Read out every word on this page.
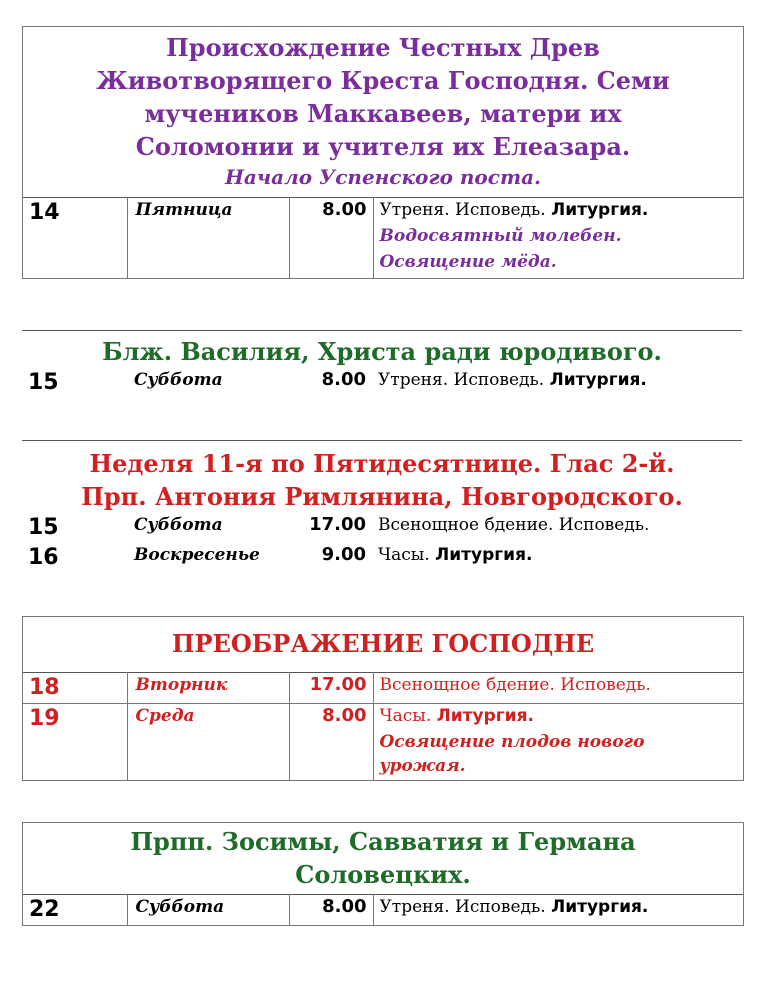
Происхождение Честных Древ
Животворящего Креста Господня. Семи
мучеников Маккавеев, матери их
Соломонии и учителя их Елеазара.
Начало Успенского поста.
14	Пятница	8.00	Утреня. Исповедь. Литургия.
Водосвятный молебен.
Освящение мёда.
Блж. Василия, Христа ради юродивого.
15	Суббота	8.00	Утреня. Исповедь. Литургия.
Неделя 11-я по Пятидесятнице. Глас 2-й.
Прп. Антония Римлянина, Новгородского.
15	Суббота	17.00	Всенощное бдение. Исповедь.
16	Воскресенье	9.00	Часы. Литургия.
ПРЕОБРАЖЕНИЕ ГОСПОДНЕ
18	Вторник	17.00	Всенощное бдение. Исповедь.
19	Среда	8.00	Часы. Литургия.
Освящение плодов нового
урожая.
Прпп. Зосимы, Савватия и Германа
Соловецких.
22	Суббота	8.00	Утреня. Исповедь. Литургия.
